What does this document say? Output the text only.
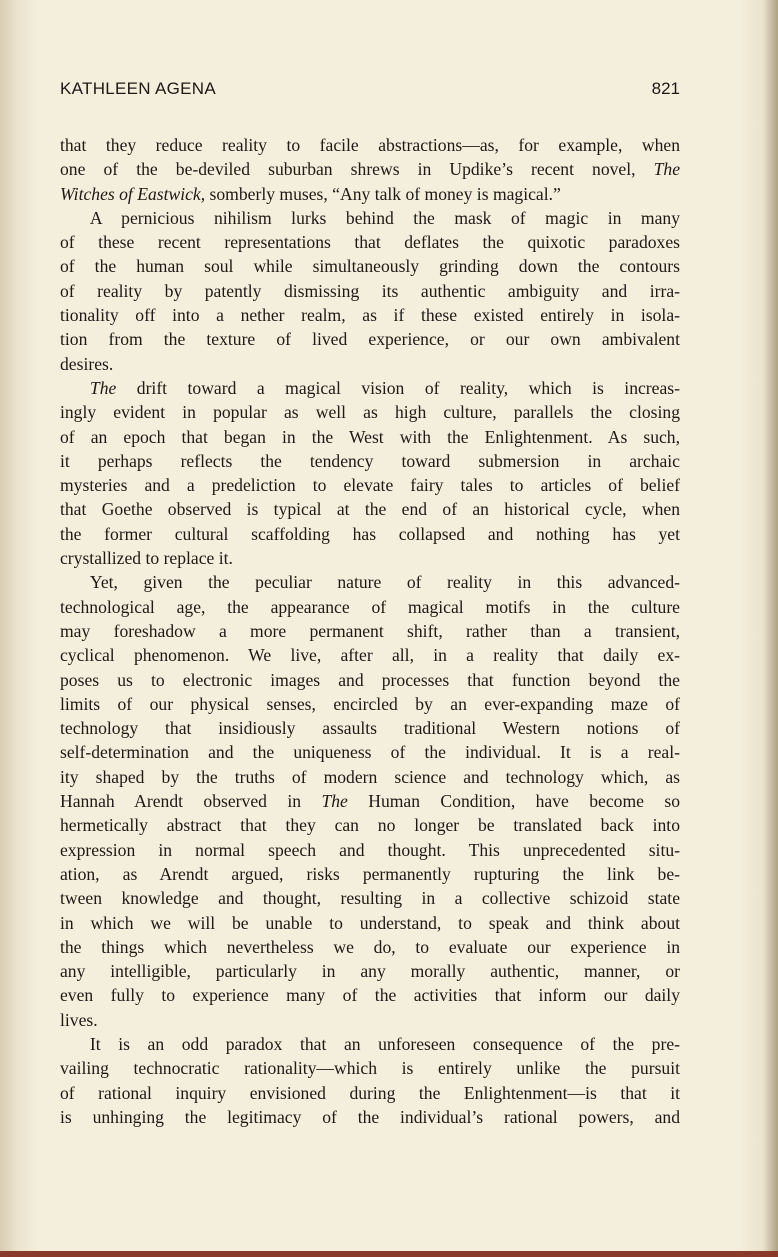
KATHLEEN AGENA	821

that they reduce reality to facile abstractions—as, for example, when
one of the be-deviled suburban shrews in Updike’s recent novel, The
Witches of Eastwick, somberly muses, “Any talk of money is magical.”

A pernicious nihilism lurks behind the mask of magic in many
of these recent representations that deflates the quixotic paradoxes
of the human soul while simultaneously grinding down the contours
of reality by patently dismissing its authentic ambiguity and irra-
tionality off into a nether realm, as if these existed entirely in isola-
tion from the texture of lived experience, or our own ambivalent
desires.

The drift toward a magical vision of reality, which is increas-
ingly evident in popular as well as high culture, parallels the closing
of an epoch that began in the West with the Enlightenment. As such,
it perhaps reflects the tendency toward submersion in archaic
mysteries and a predeliction to elevate fairy tales to articles of belief
that Goethe observed is typical at the end of an historical cycle, when
the former cultural scaffolding has collapsed and nothing has yet
crystallized to replace it.

Yet, given the peculiar nature of reality in this advanced-
technological age, the appearance of magical motifs in the culture
may foreshadow a more permanent shift, rather than a transient,
cyclical phenomenon. We live, after all, in a reality that daily ex-
poses us to electronic images and processes that function beyond the
limits of our physical senses, encircled by an ever-expanding maze of
technology that insidiously assaults traditional Western notions of
self-determination and the uniqueness of the individual. It is a real-
ity shaped by the truths of modern science and technology which, as
Hannah Arendt observed in The Human Condition, have become so
hermetically abstract that they can no longer be translated back into
expression in normal speech and thought. This unprecedented situ-
ation, as Arendt argued, risks permanently rupturing the link be-
tween knowledge and thought, resulting in a collective schizoid state
in which we will be unable to understand, to speak and think about
the things which nevertheless we do, to evaluate our experience in
any intelligible, particularly in any morally authentic, manner, or
even fully to experience many of the activities that inform our daily
lives.

It is an odd paradox that an unforeseen consequence of the pre-
vailing technocratic rationality—which is entirely unlike the pursuit
of rational inquiry envisioned during the Enlightenment—is that it
is unhinging the legitimacy of the individual’s rational powers, and
